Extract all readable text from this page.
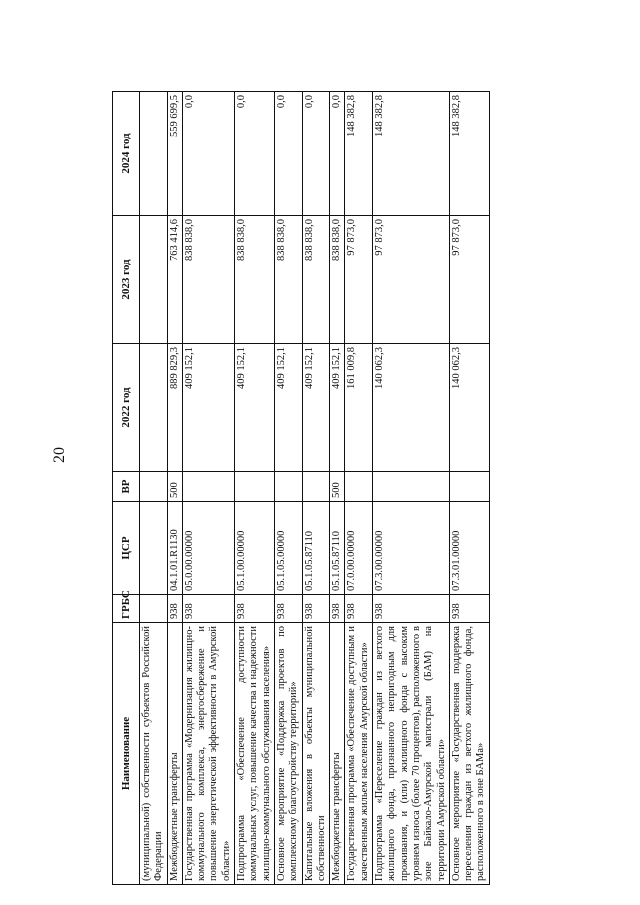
20
Наименование	ГРБС	ЦСР	ВР	2022 год	2023 год	2024 год
(муниципальной) собственности субъектов Российской Федерации						
Межбюджетные трансферты	938	04.1.01.R1130	500	889 829,3	763 414,6	559 699,5
Государственная программа «Модернизация жилищно-коммунального комплекса, энергосбережение и повышение энергетической эффективности в Амурской области»	938	05.0.00.00000		409 152,1	838 838,0	0,0
Подпрограмма «Обеспечение доступности коммунальных услуг, повышение качества и надежности жилищно-коммунального обслуживания населения»	938	05.1.00.00000		409 152,1	838 838,0	0,0
Основное мероприятие «Поддержка проектов по комплексному благоустройству территорий»	938	05.1.05.00000		409 152,1	838 838,0	0,0
Капитальные вложения в объекты муниципальной собственности	938	05.1.05.87110		409 152,1	838 838,0	0,0
Межбюджетные трансферты	938	05.1.05.87110	500	409 152,1	838 838,0	0,0
Государственная программа «Обеспечение доступным и качественным жильем населения Амурской области»	938	07.0.00.00000		161 009,8	97 873,0	148 382,8
Подпрограмма «Переселение граждан из ветхого жилищного фонда, признанного непригодным для проживания, и (или) жилищного фонда с высоким уровнем износа (более 70 процентов), расположенного в зоне Байкало-Амурской магистрали (БАМ) на территории Амурской области»	938	07.3.00.00000		140 062,3	97 873,0	148 382,8
Основное мероприятие «Государственная поддержка переселения граждан из ветхого жилищного фонда, расположенного в зоне БАМа»	938	07.3.01.00000		140 062,3	97 873,0	148 382,8
